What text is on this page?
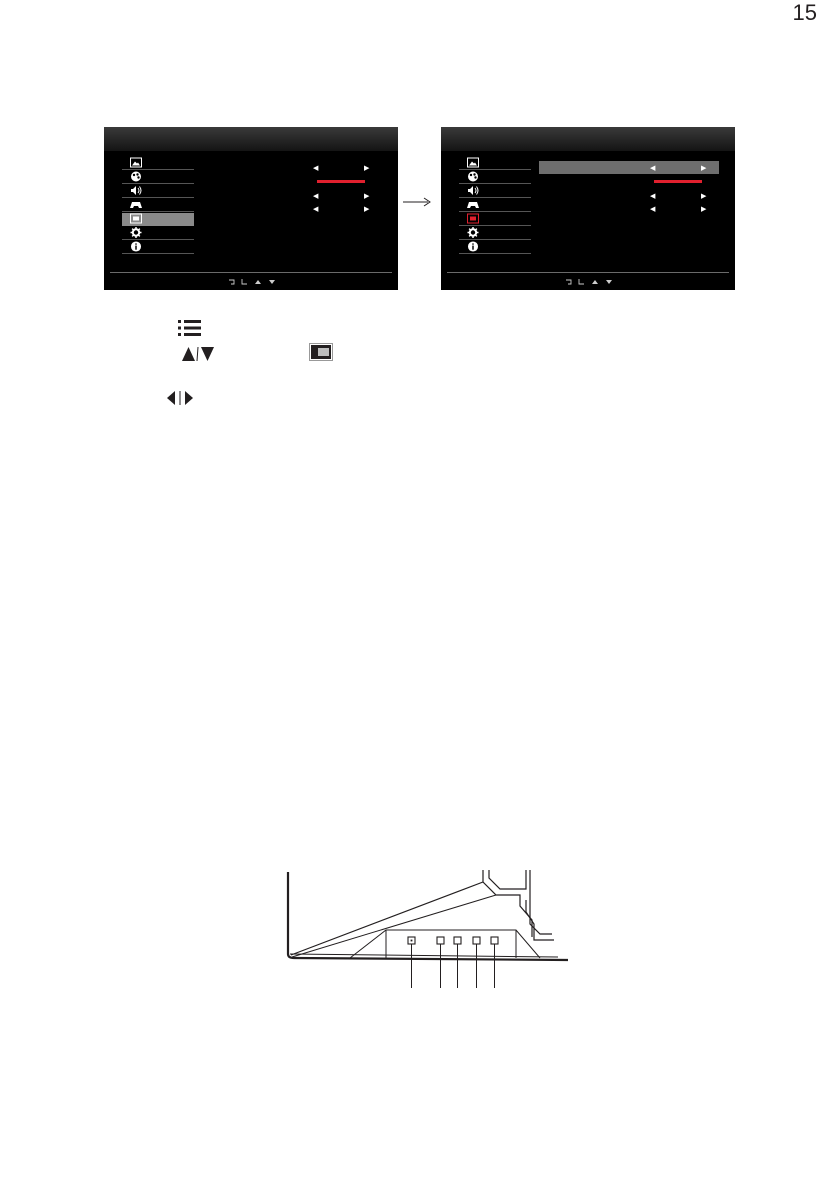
15
◀	▶
◀	▶
◀	▶
◀	▶
◀	▶
◀	▶
